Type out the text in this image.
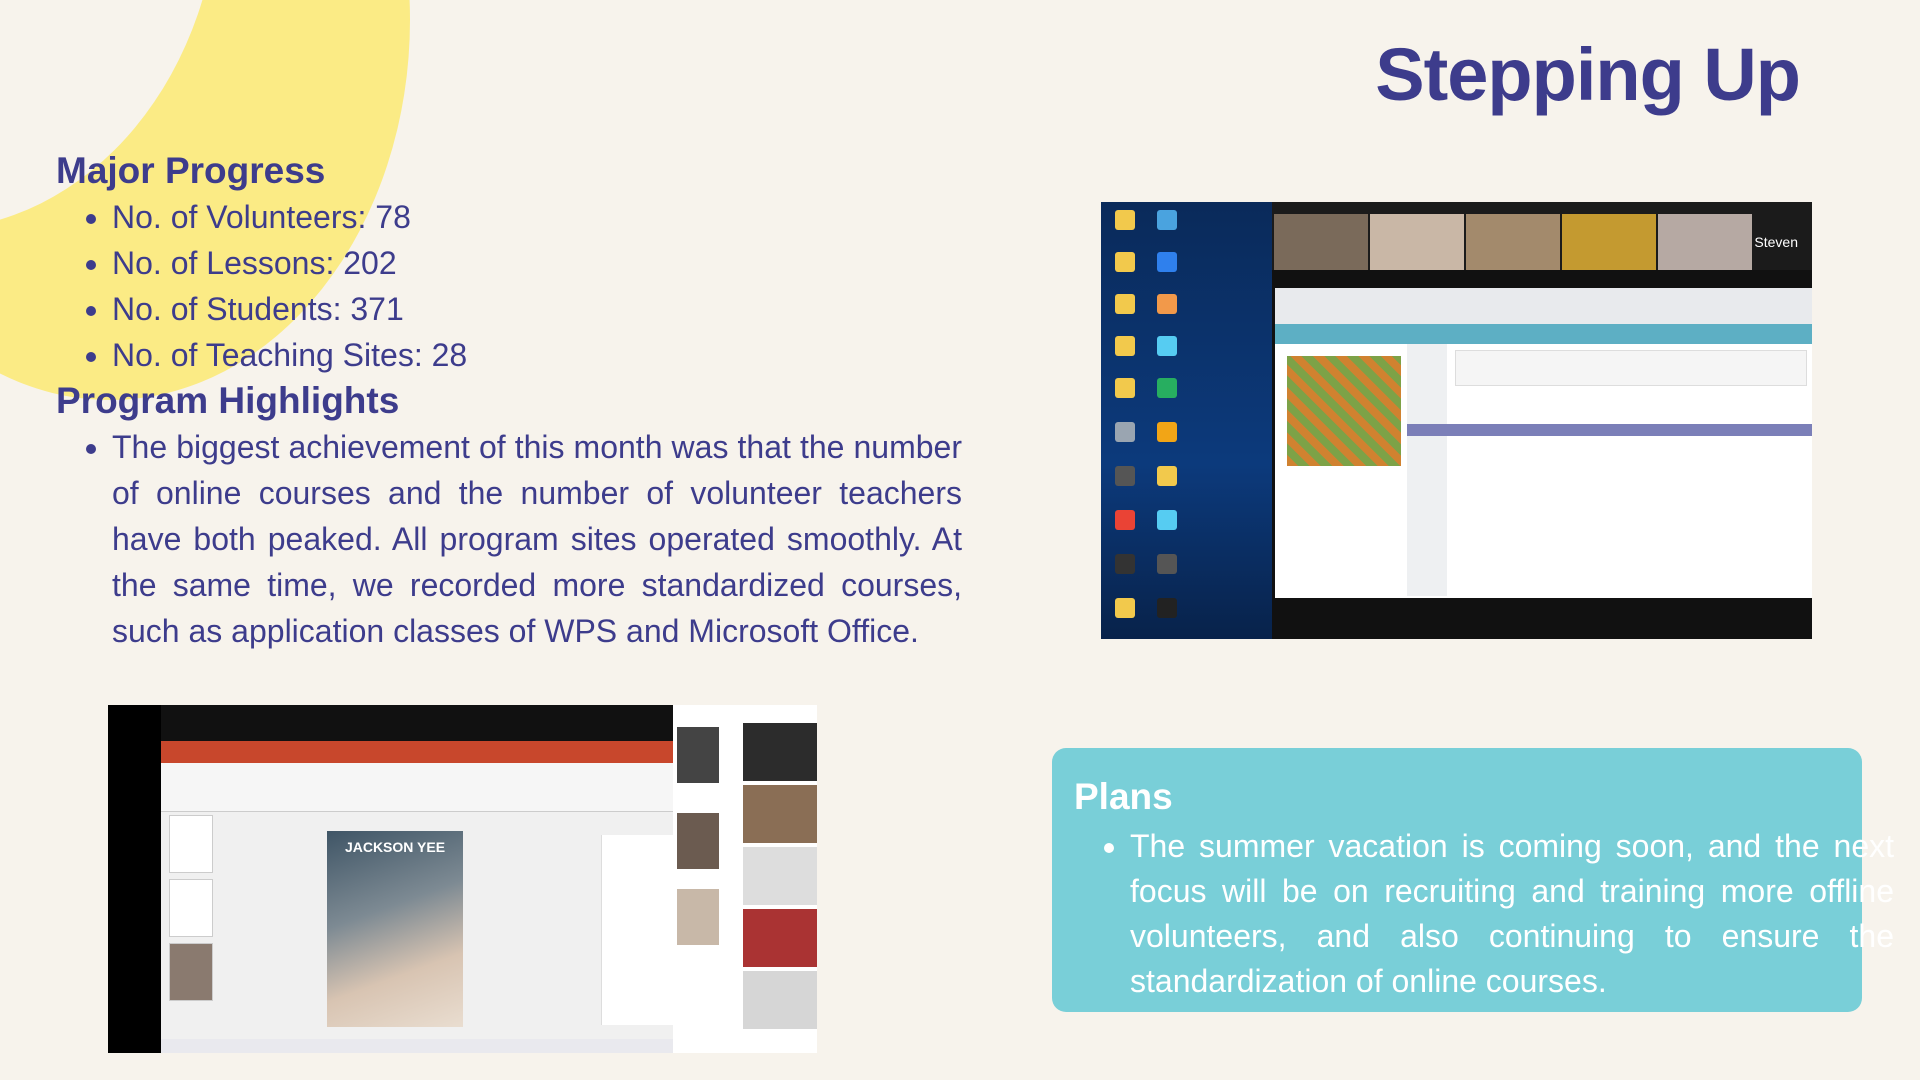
Stepping Up
Major Progress
• No. of Volunteers: 78
• No. of Lessons: 202
• No. of Students: 371
• No. of Teaching Sites: 28
Program Highlights
• The biggest achievement of this month was that the number of online courses and the number of volunteer teachers have both peaked. All program sites operated smoothly. At the same time, we recorded more standardized courses, such as application classes of WPS and Microsoft Office.
Steven
JACKSON YEE
Plans
• The summer vacation is coming soon, and the next focus will be on recruiting and training more offline volunteers, and also continuing to ensure the standardization of online courses.
